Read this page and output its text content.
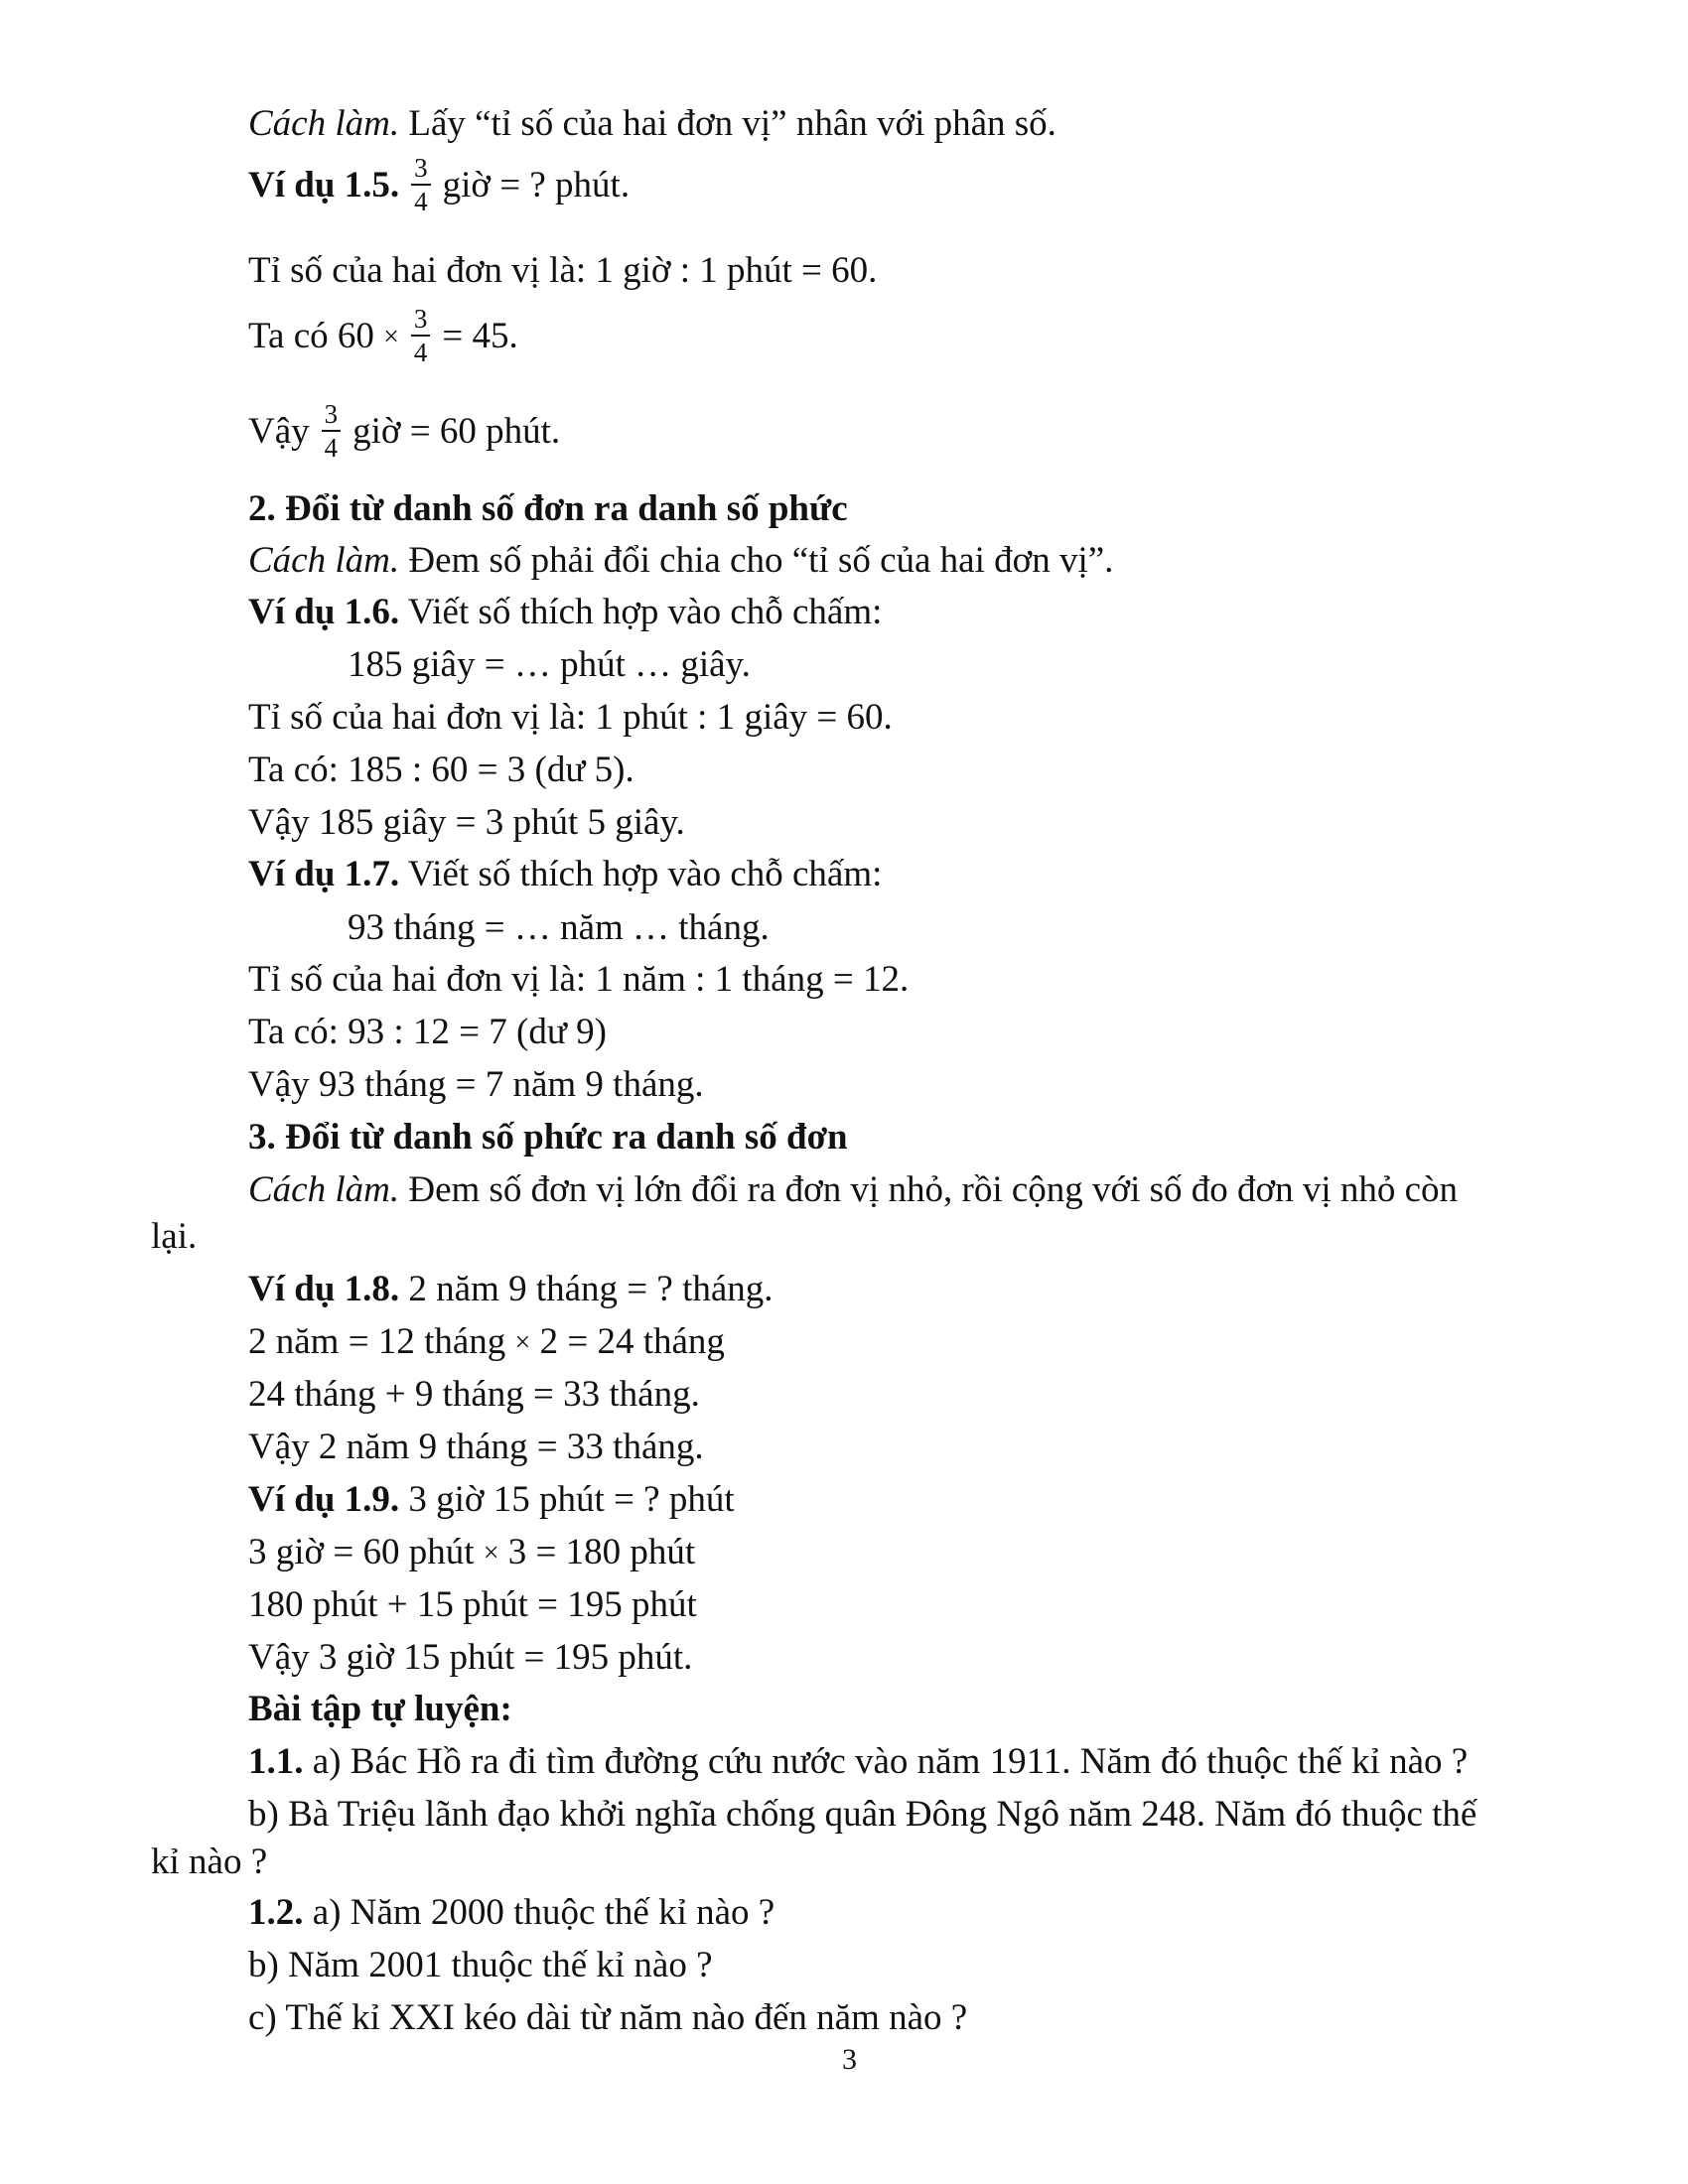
Cách làm. Lấy “tỉ số của hai đơn vị” nhân với phân số.
Ví dụ 1.5. $\frac{3}{4}$ giờ = ? phút.
Tỉ số của hai đơn vị là: 1 giờ : 1 phút = 60.
Ta có $60 \times \frac{3}{4} = 45$.
Vậy $\frac{3}{4}$ giờ = 60 phút.
2. Đổi từ danh số đơn ra danh số phức
Cách làm. Đem số phải đổi chia cho “tỉ số của hai đơn vị”.
Ví dụ 1.6. Viết số thích hợp vào chỗ chấm:
185 giây = … phút … giây.
Tỉ số của hai đơn vị là: 1 phút : 1 giây = 60.
Ta có: 185 : 60 = 3 (dư 5).
Vậy 185 giây = 3 phút 5 giây.
Ví dụ 1.7. Viết số thích hợp vào chỗ chấm:
93 tháng = … năm … tháng.
Tỉ số của hai đơn vị là: 1 năm : 1 tháng = 12.
Ta có: 93 : 12 = 7 (dư 9)
Vậy 93 tháng = 7 năm 9 tháng.
3. Đổi từ danh số phức ra danh số đơn
Cách làm. Đem số đơn vị lớn đổi ra đơn vị nhỏ, rồi cộng với số đo đơn vị nhỏ còn
lại.
Ví dụ 1.8. 2 năm 9 tháng = ? tháng.
2 năm = 12 tháng × 2 = 24 tháng
24 tháng + 9 tháng = 33 tháng.
Vậy 2 năm 9 tháng = 33 tháng.
Ví dụ 1.9. 3 giờ 15 phút = ? phút
3 giờ = 60 phút × 3 = 180 phút
180 phút + 15 phút = 195 phút
Vậy 3 giờ 15 phút = 195 phút.
Bài tập tự luyện:
1.1. a) Bác Hồ ra đi tìm đường cứu nước vào năm 1911. Năm đó thuộc thế kỉ nào ?
b) Bà Triệu lãnh đạo khởi nghĩa chống quân Đông Ngô năm 248. Năm đó thuộc thế
kỉ nào ?
1.2. a) Năm 2000 thuộc thế kỉ nào ?
b) Năm 2001 thuộc thế kỉ nào ?
c) Thế kỉ XXI kéo dài từ năm nào đến năm nào ?
3
